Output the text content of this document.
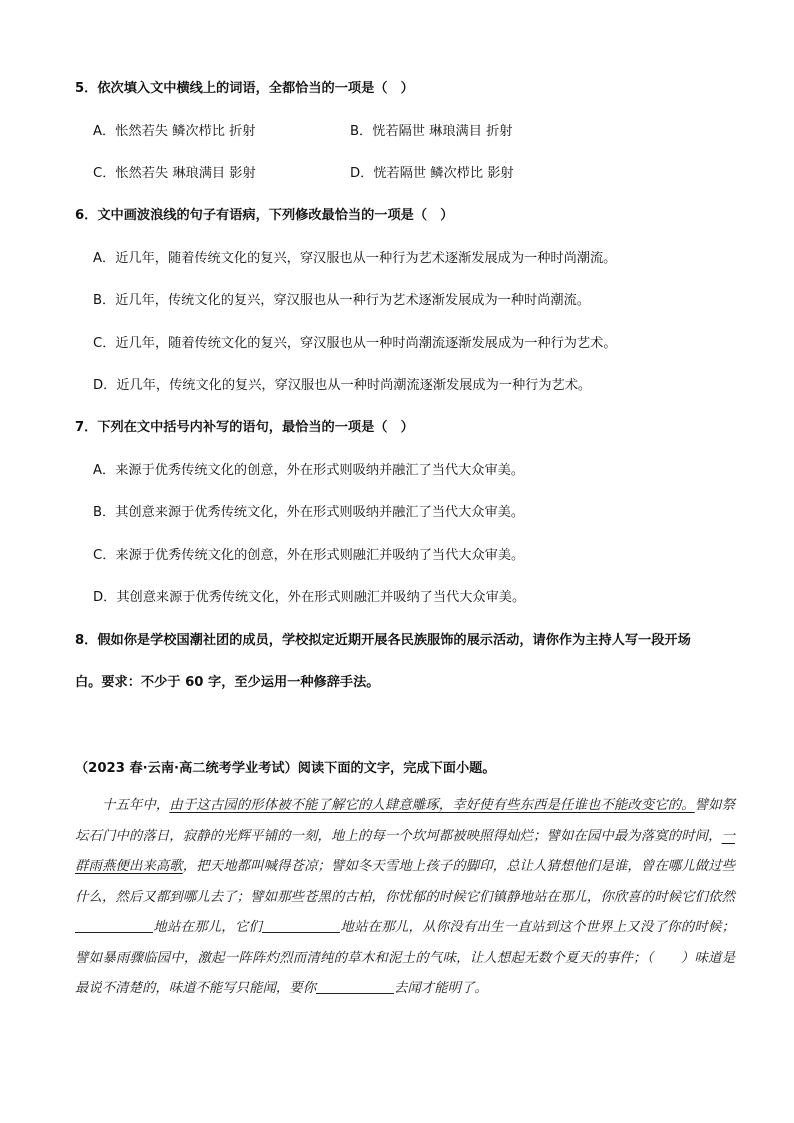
5．依次填入文中横线上的词语，全都恰当的一项是（　）
A．怅然若失 鳞次栉比 折射	B．恍若隔世 琳琅满目 折射
C．怅然若失 琳琅满目 影射	D．恍若隔世 鳞次栉比 影射
6．文中画波浪线的句子有语病，下列修改最恰当的一项是（　）
A．近几年，随着传统文化的复兴，穿汉服也从一种行为艺术逐渐发展成为一种时尚潮流。
B．近几年，传统文化的复兴，穿汉服也从一种行为艺术逐渐发展成为一种时尚潮流。
C．近几年，随着传统文化的复兴，穿汉服也从一种时尚潮流逐渐发展成为一种行为艺术。
D．近几年，传统文化的复兴，穿汉服也从一种时尚潮流逐渐发展成为一种行为艺术。
7．下列在文中括号内补写的语句，最恰当的一项是（　）
A．来源于优秀传统文化的创意，外在形式则吸纳并融汇了当代大众审美。
B．其创意来源于优秀传统文化，外在形式则吸纳并融汇了当代大众审美。
C．来源于优秀传统文化的创意，外在形式则融汇并吸纳了当代大众审美。
D．其创意来源于优秀传统文化，外在形式则融汇并吸纳了当代大众审美。
8．假如你是学校国潮社团的成员，学校拟定近期开展各民族服饰的展示活动，请你作为主持人写一段开场
白。要求：不少于 60 字，至少运用一种修辞手法。
（2023 春·云南·高二统考学业考试）阅读下面的文字，完成下面小题。
十五年中，由于这古园的形体被不能了解它的人肆意雕琢，幸好使有些东西是任谁也不能改变它的。譬如祭坛石门中的落日，寂静的光辉平铺的一刻，地上的每一个坎坷都被映照得灿烂；譬如在园中最为落寞的时间，一群雨燕便出来高歌，把天地都叫喊得苍凉；譬如冬天雪地上孩子的脚印，总让人猜想他们是谁，曾在哪儿做过些什么，然后又都到哪儿去了；譬如那些苍黑的古柏，你忧郁的时候它们镇静地站在那儿，你欣喜的时候它们依然地站在那儿，它们	地站在那儿，从你没有出生一直站到这个世界上又没了你的时候；譬如暴雨骤临园中，激起一阵阵灼烈而清纯的草木和泥土的气味，让人想起无数个夏天的事件；（　　）味道是最说不清楚的，味道不能写只能闻，要你	去闻才能明了。
